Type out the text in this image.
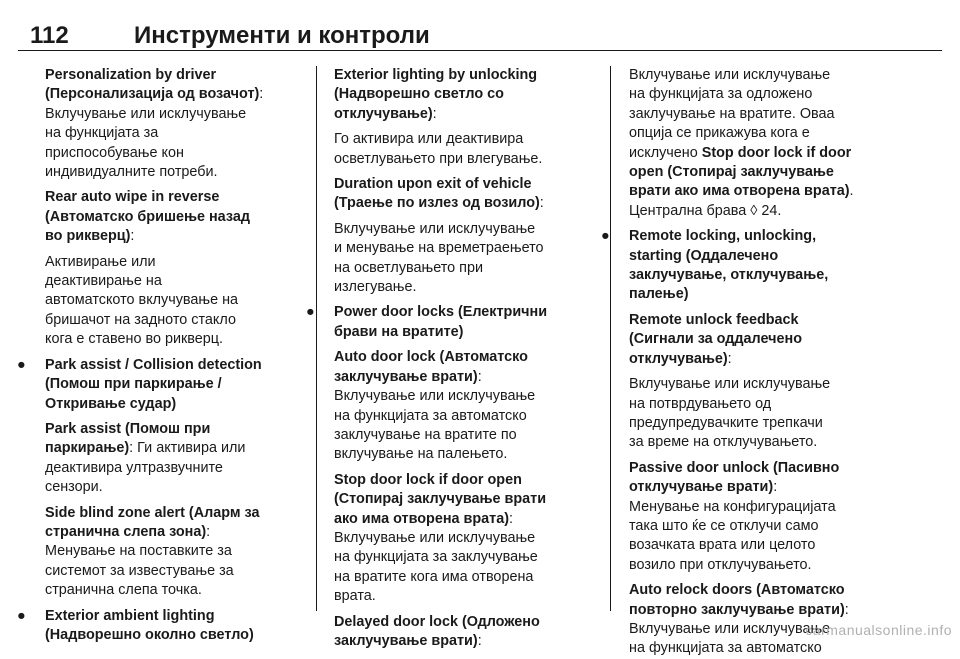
112	Инструменти и контроли
Personalization by driver
(Персонализација од возачот):
Вклучување или исклучување
на функцијата за
приспособување кон
индивидуалните потреби.
Rear auto wipe in reverse
(Автоматско бришење назад
во рикверц):
Активирање или
деактивирање на
автоматското вклучување на
бришачот на задното стакло
кога е ставено во рикверц.
● Park assist / Collision detection
(Помош при паркирање /
Откривање судар)
Park assist (Помош при
паркирање): Ги активира или
деактивира ултразвучните
сензори.
Side blind zone alert (Аларм за
странична слепа зона):
Менување на поставките за
системот за известување за
странична слепа точка.
● Exterior ambient lighting
(Надворешно околно светло)
Exterior lighting by unlocking
(Надворешно светло со
отклучување):
Го активира или деактивира
осветлувањето при влегување.
Duration upon exit of vehicle
(Траење по излез од возило):
Вклучување или исклучување
и менување на времетраењето
на осветлувањето при
излегување.
● Power door locks (Електрични
брави на вратите)
Auto door lock (Автоматско
заклучување врати):
Вклучување или исклучување
на функцијата за автоматско
заклучување на вратите по
вклучување на палењето.
Stop door lock if door open
(Стопирај заклучување врати
ако има отворена врата):
Вклучување или исклучување
на функцијата за заклучување
на вратите кога има отворена
врата.
Delayed door lock (Одложено
заклучување врати):
Вклучување или исклучување
на функцијата за одложено
заклучување на вратите. Оваа
опција се прикажува кога е
исклучено Stop door lock if door
open (Стопирај заклучување
врати ако има отворена врата).
Централна брава ◊ 24.
● Remote locking, unlocking,
starting (Оддалечено
заклучување, отклучување,
палење)
Remote unlock feedback
(Сигнали за оддалечено
отклучување):
Вклучување или исклучување
на потврдувањето од
предупредувачките трепкачи
за време на отклучувањето.
Passive door unlock (Пасивно
отклучување врати):
Менување на конфигурацијата
така што ќе се отклучи само
возачката врата или целото
возило при отклучувањето.
Auto relock doors (Автоматско
повторно заклучување врати):
Вклучување или исклучување
на функцијата за автоматско
carmanualsonline.info
